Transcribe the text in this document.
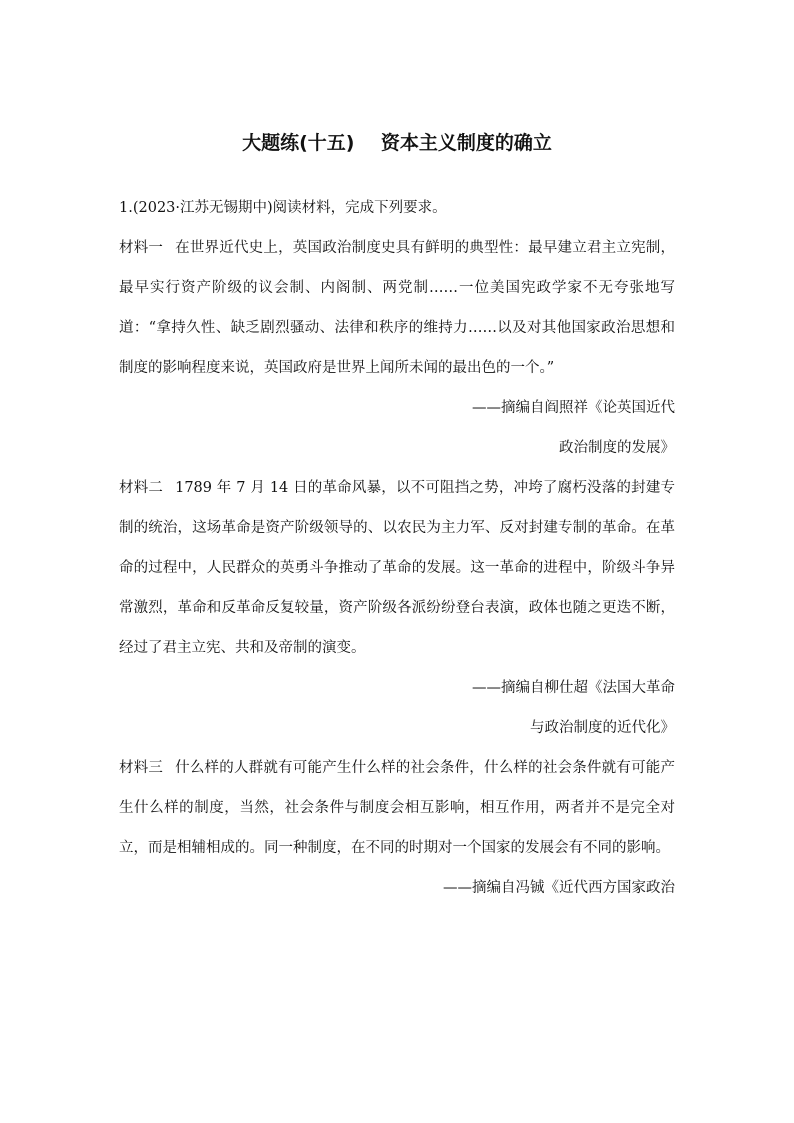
大题练(十五)    资本主义制度的确立

1.(2023·江苏无锡期中)阅读材料，完成下列要求。

材料一 在世界近代史上，英国政治制度史具有鲜明的典型性：最早建立君主立宪制，最早实行资产阶级的议会制、内阁制、两党制……一位美国宪政学家不无夸张地写道：“拿持久性、缺乏剧烈骚动、法律和秩序的维持力……以及对其他国家政治思想和制度的影响程度来说，英国政府是世界上闻所未闻的最出色的一个。”

——摘编自阎照祥《论英国近代

政治制度的发展》

材料二 1789 年 7 月 14 日的革命风暴，以不可阻挡之势，冲垮了腐朽没落的封建专制的统治，这场革命是资产阶级领导的、以农民为主力军、反对封建专制的革命。在革命的过程中，人民群众的英勇斗争推动了革命的发展。这一革命的进程中，阶级斗争异常激烈，革命和反革命反复较量，资产阶级各派纷纷登台表演，政体也随之更迭不断，经过了君主立宪、共和及帝制的演变。

——摘编自柳仕超《法国大革命

与政治制度的近代化》

材料三 什么样的人群就有可能产生什么样的社会条件，什么样的社会条件就有可能产生什么样的制度，当然，社会条件与制度会相互影响，相互作用，两者并不是完全对立，而是相辅相成的。同一种制度，在不同的时期对一个国家的发展会有不同的影响。

——摘编自冯铖《近代西方国家政治
